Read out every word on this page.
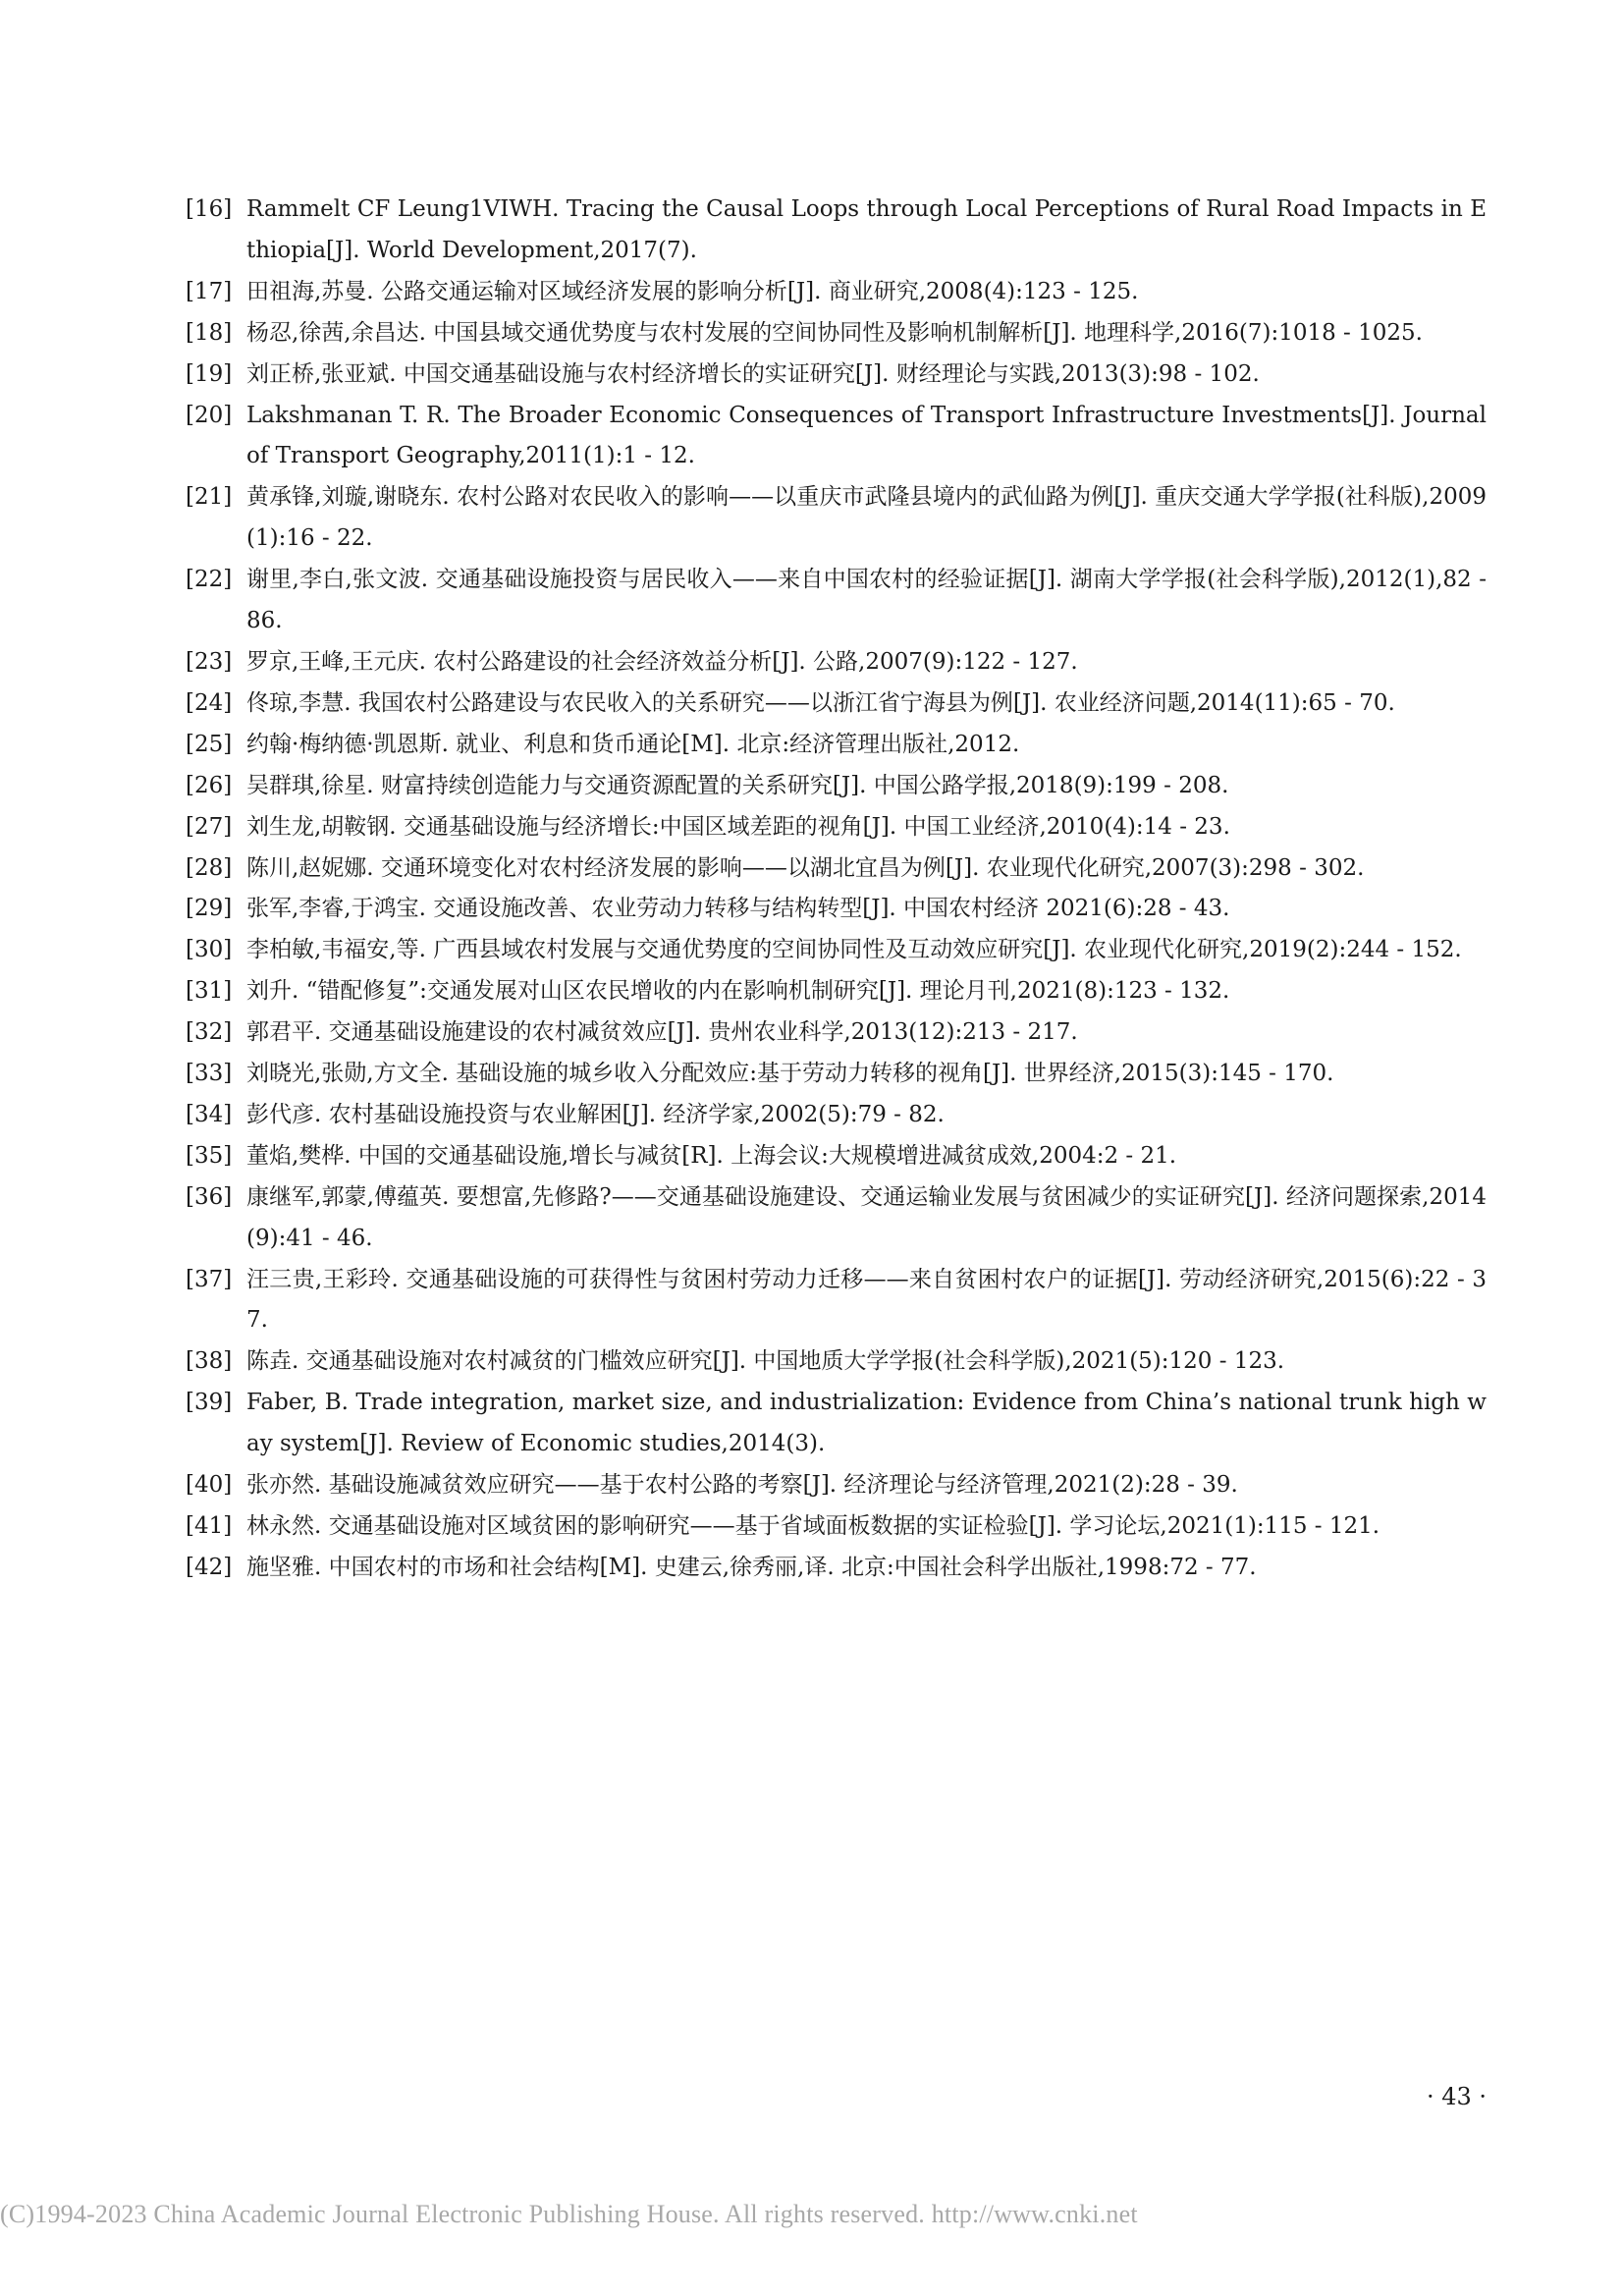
[16] Rammelt CF Leung1VIWH. Tracing the Causal Loops through Local Perceptions of Rural Road Impacts in Ethiopia[J]. World Development,2017(7).
[17] 田祖海,苏曼. 公路交通运输对区域经济发展的影响分析[J]. 商业研究,2008(4):123 - 125.
[18] 杨忍,徐茜,余昌达. 中国县域交通优势度与农村发展的空间协同性及影响机制解析[J]. 地理科学,2016(7):1018 - 1025.
[19] 刘正桥,张亚斌. 中国交通基础设施与农村经济增长的实证研究[J]. 财经理论与实践,2013(3):98 - 102.
[20] Lakshmanan T. R. The Broader Economic Consequences of Transport Infrastructure Investments[J]. Journal of Transport Geography,2011(1):1 - 12.
[21] 黄承锋,刘璇,谢晓东. 农村公路对农民收入的影响——以重庆市武隆县境内的武仙路为例[J]. 重庆交通大学学报(社科版),2009(1):16 - 22.
[22] 谢里,李白,张文波. 交通基础设施投资与居民收入——来自中国农村的经验证据[J]. 湖南大学学报(社会科学版),2012(1),82 - 86.
[23] 罗京,王峰,王元庆. 农村公路建设的社会经济效益分析[J]. 公路,2007(9):122 - 127.
[24] 佟琼,李慧. 我国农村公路建设与农民收入的关系研究——以浙江省宁海县为例[J]. 农业经济问题,2014(11):65 - 70.
[25] 约翰·梅纳德·凯恩斯. 就业、利息和货币通论[M]. 北京:经济管理出版社,2012.
[26] 吴群琪,徐星. 财富持续创造能力与交通资源配置的关系研究[J]. 中国公路学报,2018(9):199 - 208.
[27] 刘生龙,胡鞍钢. 交通基础设施与经济增长:中国区域差距的视角[J]. 中国工业经济,2010(4):14 - 23.
[28] 陈川,赵妮娜. 交通环境变化对农村经济发展的影响——以湖北宜昌为例[J]. 农业现代化研究,2007(3):298 - 302.
[29] 张军,李睿,于鸿宝. 交通设施改善、农业劳动力转移与结构转型[J]. 中国农村经济 2021(6):28 - 43.
[30] 李柏敏,韦福安,等. 广西县域农村发展与交通优势度的空间协同性及互动效应研究[J]. 农业现代化研究,2019(2):244 - 152.
[31] 刘升. “错配修复”:交通发展对山区农民增收的内在影响机制研究[J]. 理论月刊,2021(8):123 - 132.
[32] 郭君平. 交通基础设施建设的农村减贫效应[J]. 贵州农业科学,2013(12):213 - 217.
[33] 刘晓光,张勋,方文全. 基础设施的城乡收入分配效应:基于劳动力转移的视角[J]. 世界经济,2015(3):145 - 170.
[34] 彭代彦. 农村基础设施投资与农业解困[J]. 经济学家,2002(5):79 - 82.
[35] 董焰,樊桦. 中国的交通基础设施,增长与减贫[R]. 上海会议:大规模增进减贫成效,2004:2 - 21.
[36] 康继军,郭蒙,傅蕴英. 要想富,先修路?——交通基础设施建设、交通运输业发展与贫困减少的实证研究[J]. 经济问题探索,2014(9):41 - 46.
[37] 汪三贵,王彩玲. 交通基础设施的可获得性与贫困村劳动力迁移——来自贫困村农户的证据[J]. 劳动经济研究,2015(6):22 - 37.
[38] 陈垚. 交通基础设施对农村减贫的门槛效应研究[J]. 中国地质大学学报(社会科学版),2021(5):120 - 123.
[39] Faber, B. Trade integration, market size, and industrialization: Evidence from China’s national trunk high way system[J]. Review of Economic studies,2014(3).
[40] 张亦然. 基础设施减贫效应研究——基于农村公路的考察[J]. 经济理论与经济管理,2021(2):28 - 39.
[41] 林永然. 交通基础设施对区域贫困的影响研究——基于省域面板数据的实证检验[J]. 学习论坛,2021(1):115 - 121.
[42] 施坚雅. 中国农村的市场和社会结构[M]. 史建云,徐秀丽,译. 北京:中国社会科学出版社,1998:72 - 77.
· 43 ·
(C)1994-2023 China Academic Journal Electronic Publishing House. All rights reserved. http://www.cnki.net
